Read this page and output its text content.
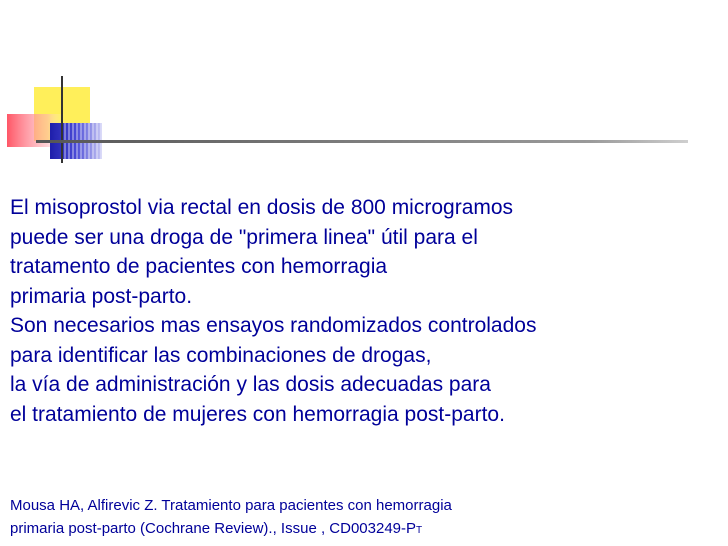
El misoprostol via rectal en dosis de 800 microgramos
puede ser una droga de "primera linea" útil para el
tratamento de pacientes con hemorragia
primaria post-parto.
Son necesarios mas ensayos randomizados controlados
para identificar las combinaciones de drogas,
la vía de administración y las dosis adecuadas para
el tratamiento de mujeres con hemorragia post-parto.

Mousa HA, Alfirevic Z. Tratamiento para pacientes con hemorragia
primaria post-parto (Cochrane Review)., Issue , CD003249-PT
